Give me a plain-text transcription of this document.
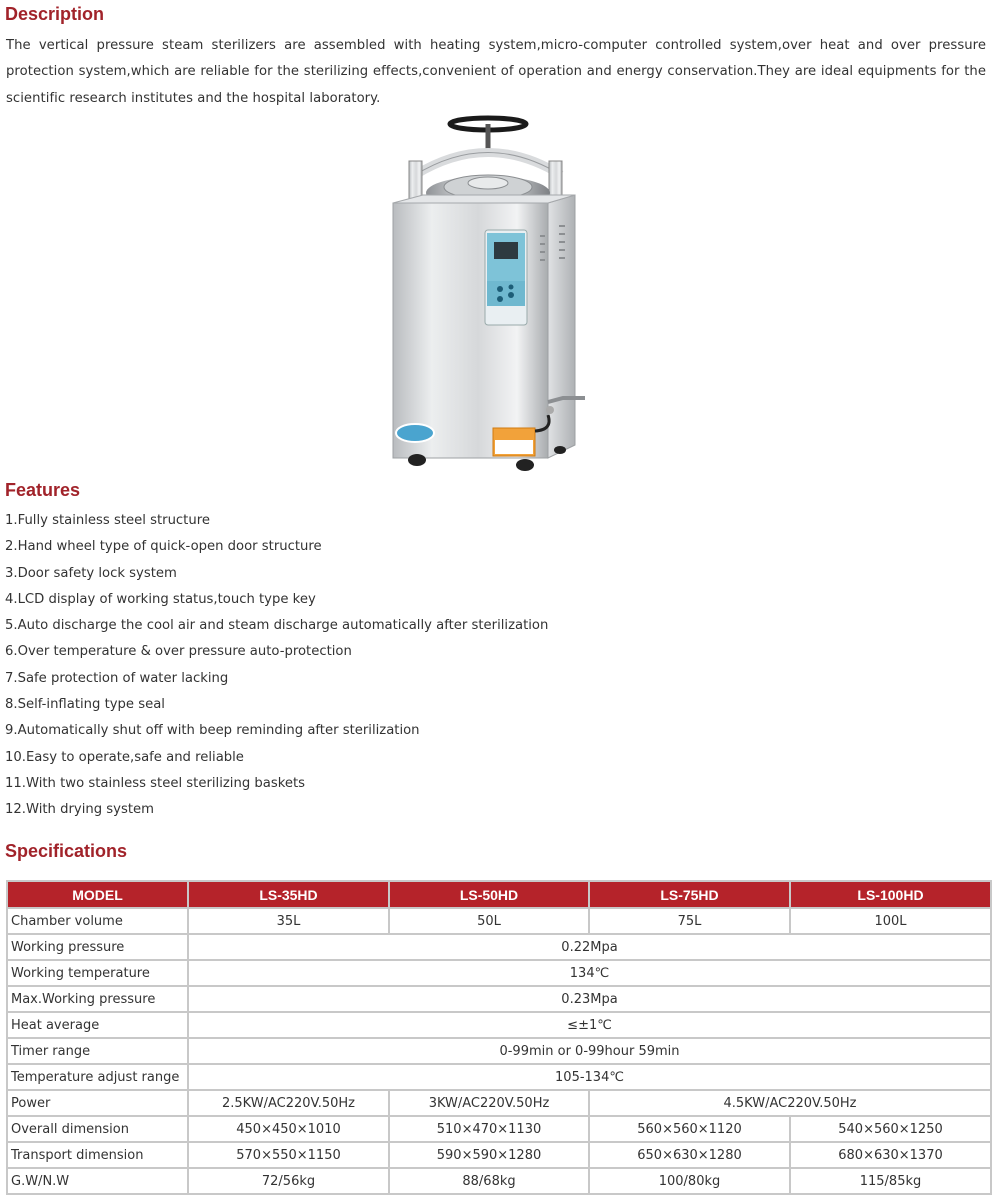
Description

The vertical pressure steam sterilizers are assembled with heating system,micro-computer controlled system,over heat and over pressure protection system,which are reliable for the sterilizing effects,convenient of operation and energy conservation.They are ideal equipments for the scientific research institutes and the hospital laboratory.

Features
1.Fully stainless steel structure
2.Hand wheel type of quick-open door structure
3.Door safety lock system
4.LCD display of working status,touch type key
5.Auto discharge the cool air and steam discharge automatically after sterilization
6.Over temperature & over pressure auto-protection
7.Safe protection of water lacking
8.Self-inflating type seal
9.Automatically shut off with beep reminding after sterilization
10.Easy to operate,safe and reliable
11.With two stainless steel sterilizing baskets
12.With drying system
Specifications
MODEL	LS-35HD	LS-50HD	LS-75HD	LS-100HD
Chamber volume	35L	50L	75L	100L
Working pressure	0.22Mpa			
Working temperature	134℃			
Max.Working pressure	0.23Mpa			
Heat average	≤±1℃			
Timer range	0-99min or 0-99hour 59min			
Temperature adjust range	105-134℃			
Power	2.5KW/AC220V.50Hz	3KW/AC220V.50Hz	4.5KW/AC220V.50Hz	
Overall dimension	450×450×1010	510×470×1130	560×560×1120	540×560×1250
Transport dimension	570×550×1150	590×590×1280	650×630×1280	680×630×1370
G.W/N.W	72/56kg	88/68kg	100/80kg	115/85kg
